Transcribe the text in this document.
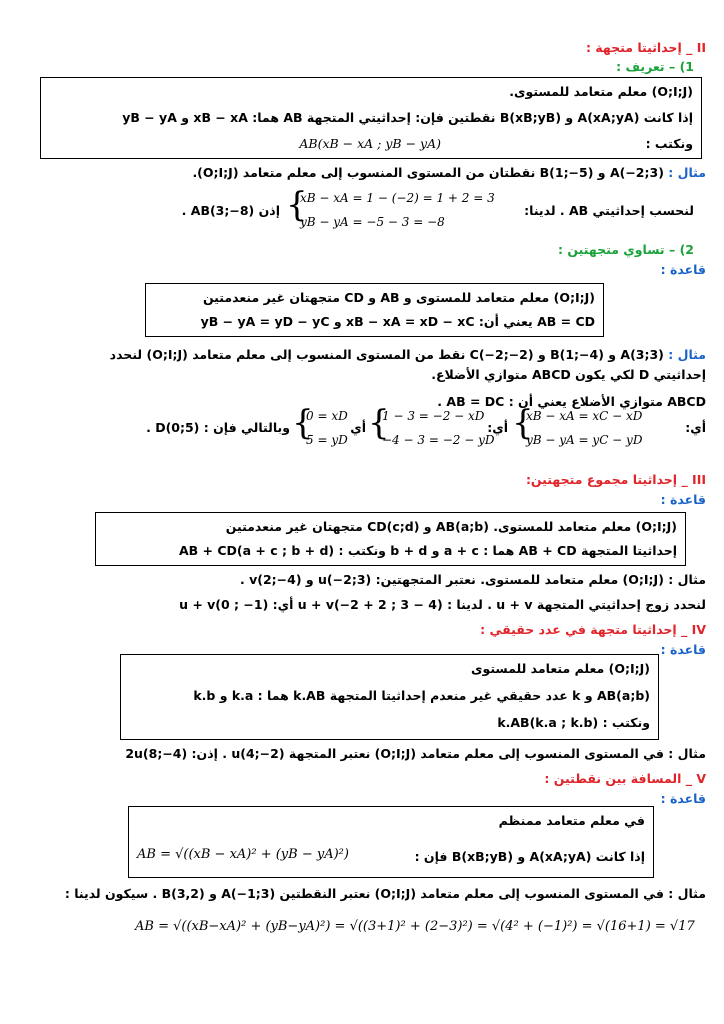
II _ إحداثيتا متجهة :
1) – تعريف :
(O;I;J) معلم متعامد للمستوى.
إذا كانت A(xA;yA) و B(xB;yB) نقطتين فإن: إحداثيتي المتجهة AB هما: xB − xA و yB − yA
AB(xB − xA ; yB − yA)	ونكتب :
مثال : A(−2;3) و B(1;−5) نقطتان من المستوى المنسوب إلى معلم متعامد (O;I;J).
لنحسب إحداثيتي AB . لدينا:
{
xB − xA = 1 − (−2) = 1 + 2 = 3
yB − yA = −5 − 3 = −8
إذن AB(3;−8) .
2) – تساوي متجهتين :
قاعدة :
(O;I;J) معلم متعامد للمستوى و AB و CD متجهتان غير منعدمتين
AB = CD يعني أن: xB − xA = xD − xC و yB − yA = yD − yC
مثال : A(3;3) و B(1;−4) و C(−2;−2) نقط من المستوى المنسوب إلى معلم متعامد (O;I;J) لنحدد
إحداثيتي D لكي يكون ABCD متوازي الأضلاع.
ABCD متوازي الأضلاع يعني أن : AB = DC .
أي:
{
xB − xA = xC − xD
yB − yA = yC − yD
أي:
{
1 − 3 = −2 − xD
−4 − 3 = −2 − yD
أي
{
0 = xD
5 = yD
وبالتالي فإن : D(0;5) .
III _ إحداثيتا مجموع متجهتين:
قاعدة :
(O;I;J) معلم متعامد للمستوى. AB(a;b) و CD(c;d) متجهتان غير منعدمتين
إحداثيتا المتجهة AB + CD هما : a + c و b + d ونكتب : AB + CD(a + c ; b + d)
مثال : (O;I;J) معلم متعامد للمستوى. نعتبر المتجهتين: u(−2;3) و v(2;−4) .
لنحدد زوج إحداثيتي المتجهة u + v . لدينا : u + v(−2 + 2 ; 3 − 4) أي: u + v(0 ; −1)
IV _ إحداثيتا متجهة في عدد حقيقي :
قاعدة :
(O;I;J) معلم متعامد للمستوى
AB(a;b) و k عدد حقيقي غير منعدم إحداثيتا المتجهة k.AB هما : k.a و k.b
ونكتب : k.AB(k.a ; k.b)
مثال : في المستوى المنسوب إلى معلم متعامد (O;I;J) نعتبر المتجهة u(4;−2) . إذن: 2u(8;−4)
V _ المسافة بين نقطتين :
قاعدة :
في معلم متعامد ممنظم
إذا كانت A(xA;yA) و B(xB;yB) فإن :
AB = √((xB − xA)² + (yB − yA)²)
مثال : في المستوى المنسوب إلى معلم متعامد (O;I;J) نعتبر النقطتين A(−1;3) و B(3,2) . سيكون لدينا :
AB = √((xB−xA)² + (yB−yA)²) = √((3+1)² + (2−3)²) = √(4² + (−1)²) = √(16+1) = √17
